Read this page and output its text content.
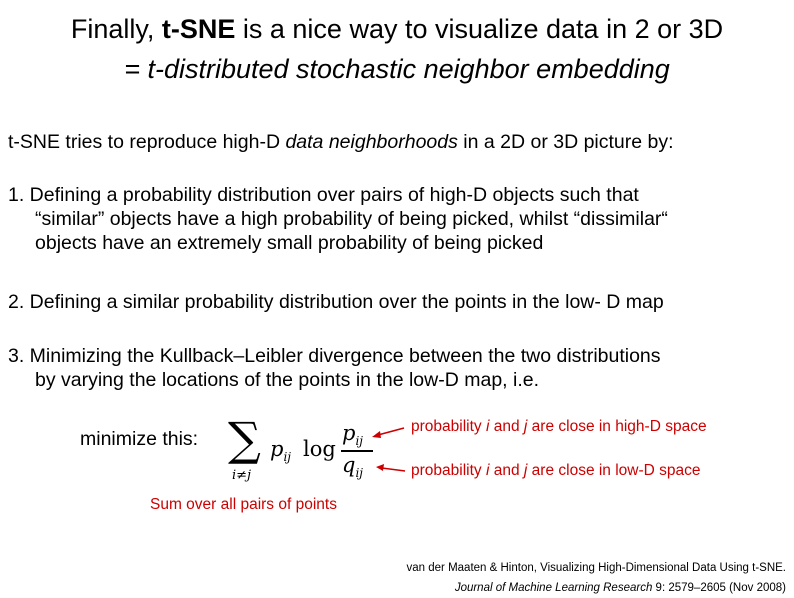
Finally, t-SNE is a nice way to visualize data in 2 or 3D
= t-distributed stochastic neighbor embedding
t-SNE tries to reproduce high-D data neighborhoods in a 2D or 3D picture by:
1. Defining a probability distribution over pairs of high-D objects such that
“similar” objects have a high probability of being picked, whilst “dissimilar“
objects have an extremely small probability of being picked
2. Defining a similar probability distribution over the points in the low- D map
3. Minimizing the Kullback–Leibler divergence between the two distributions
by varying the locations of the points in the low-D map, i.e.
minimize this: ∑
i≠j
$p_{ij}$ log
$p_{ij}$
$q_{ij}$
probability i and j are close in high-D space
probability i and j are close in low-D space
Sum over all pairs of points
van der Maaten & Hinton, Visualizing High-Dimensional Data Using t-SNE.
Journal of Machine Learning Research 9: 2579–2605 (Nov 2008)
